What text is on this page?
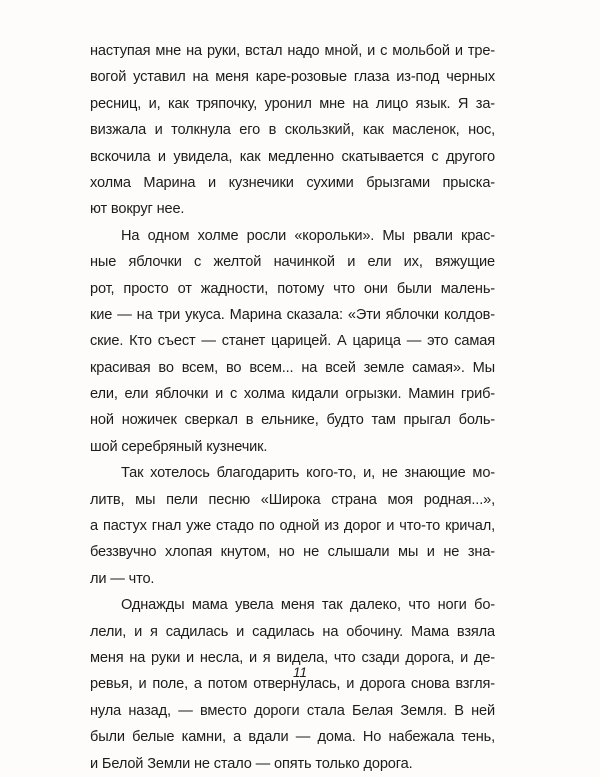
наступая мне на руки, встал надо мной, и с мольбой и тре-
вогой уставил на меня каре-розовые глаза из-под черных
ресниц, и, как тряпочку, уронил мне на лицо язык. Я за-
визжала и толкнула его в скользкий, как масленок, нос,
вскочила и увидела, как медленно скатывается с другого
холма Марина и кузнечики сухими брызгами прыска-
ют вокруг нее.
На одном холме росли «корольки». Мы рвали крас-
ные яблочки с желтой начинкой и ели их, вяжущие
рот, просто от жадности, потому что они были малень-
кие — на три укуса. Марина сказала: «Эти яблочки колдов-
ские. Кто съест — станет царицей. А царица — это самая
красивая во всем, во всем... на всей земле самая». Мы
ели, ели яблочки и с холма кидали огрызки. Мамин гриб-
ной ножичек сверкал в ельнике, будто там прыгал боль-
шой серебряный кузнечик.
Так хотелось благодарить кого-то, и, не знающие мо-
литв, мы пели песню «Широка страна моя родная...»,
а пастух гнал уже стадо по одной из дорог и что-то кричал,
беззвучно хлопая кнутом, но не слышали мы и не зна-
ли — что.
Однажды мама увела меня так далеко, что ноги бо-
лели, и я садилась и садилась на обочину. Мама взяла
меня на руки и несла, и я видела, что сзади дорога, и де-
ревья, и поле, а потом отвернулась, и дорога снова взгля-
нула назад, — вместо дороги стала Белая Земля. В ней
были белые камни, а вдали — дома. Но набежала тень,
и Белой Земли не стало — опять только дорога.
11
